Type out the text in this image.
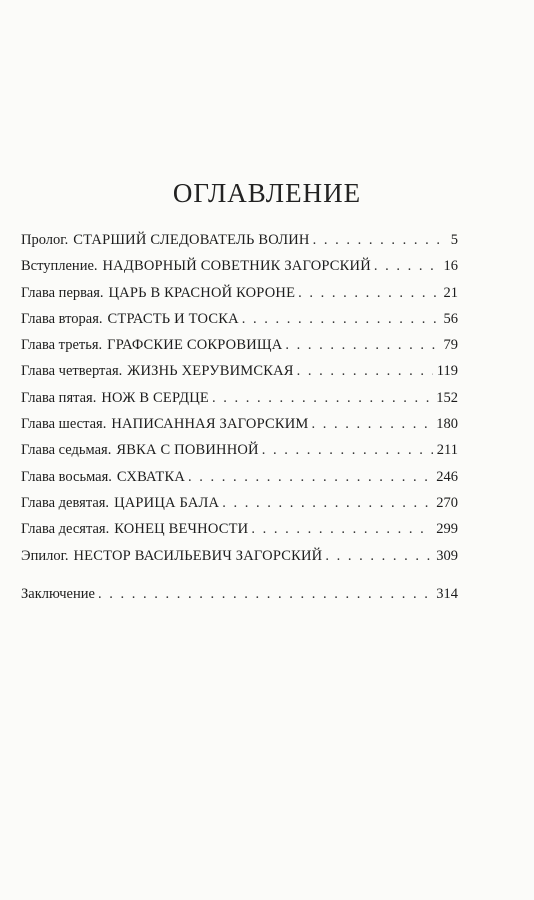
ОГЛАВЛЕНИЕ
Пролог. СТАРШИЙ СЛЕДОВАТЕЛЬ ВОЛИН . . .	5
Вступление. НАДВОРНЫЙ СОВЕТНИК ЗАГОРСКИЙ . . .	16
Глава первая. ЦАРЬ В КРАСНОЙ КОРОНЕ . . .	21
Глава вторая. СТРАСТЬ И ТОСКА . . .	56
Глава третья. ГРАФСКИЕ СОКРОВИЩА . . .	79
Глава четвертая. ЖИЗНЬ ХЕРУВИМСКАЯ . . .	119
Глава пятая. НОЖ В СЕРДЦЕ . . .	152
Глава шестая. НАПИСАННАЯ ЗАГОРСКИМ . . .	180
Глава седьмая. ЯВКА С ПОВИННОЙ . . .	211
Глава восьмая. СХВАТКА . . .	246
Глава девятая. ЦАРИЦА БАЛА . . .	270
Глава десятая. КОНЕЦ ВЕЧНОСТИ . . .	299
Эпилог. НЕСТОР ВАСИЛЬЕВИЧ ЗАГОРСКИЙ . . .	309
Заключение . . .	314
